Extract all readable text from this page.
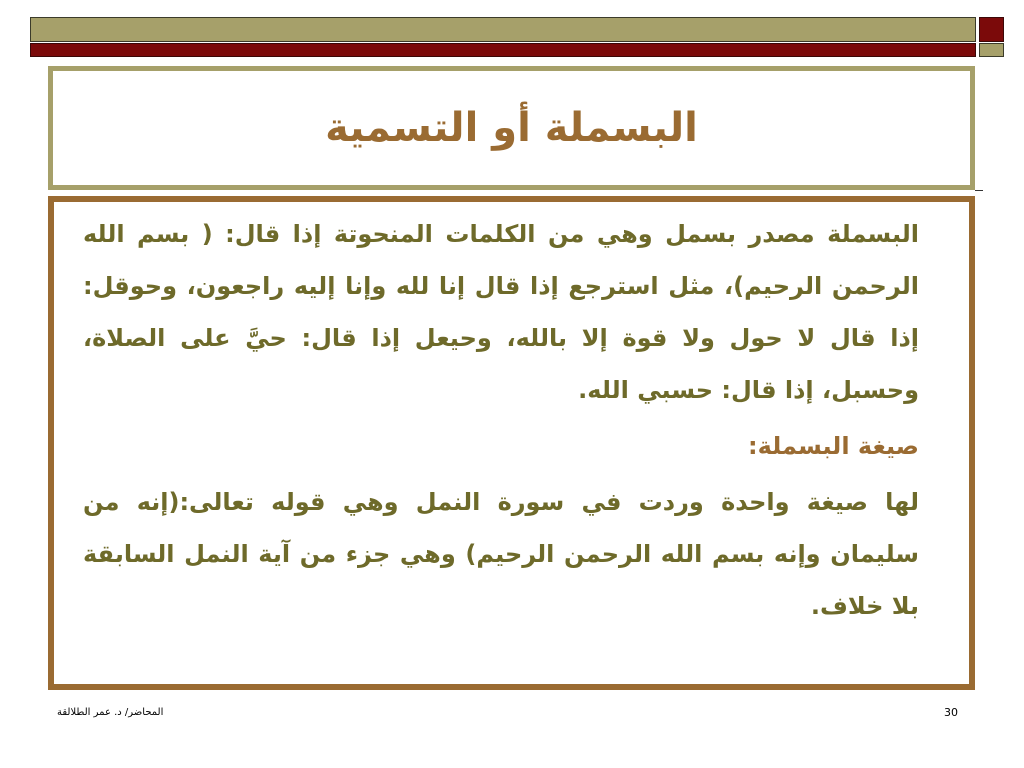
البسملة أو التسمية

البسملة مصدر بسمل وهي من الكلمات المنحوتة إذا قال: ( بسم الله الرحمن الرحيم)، مثل استرجع إذا قال إنا لله وإنا إليه راجعون، وحوقل: إذا قال لا حول ولا قوة إلا بالله، وحيعل إذا قال: حيَّ على الصلاة، وحسبل، إذا قال: حسبي الله.

صيغة البسملة:

لها صيغة واحدة وردت في سورة النمل وهي قوله تعالى:(إنه من سليمان وإنه بسم الله الرحمن الرحيم) وهي جزء من آية النمل السابقة بلا خلاف.

المحاضر/ د. عمر الطلالقة	30
